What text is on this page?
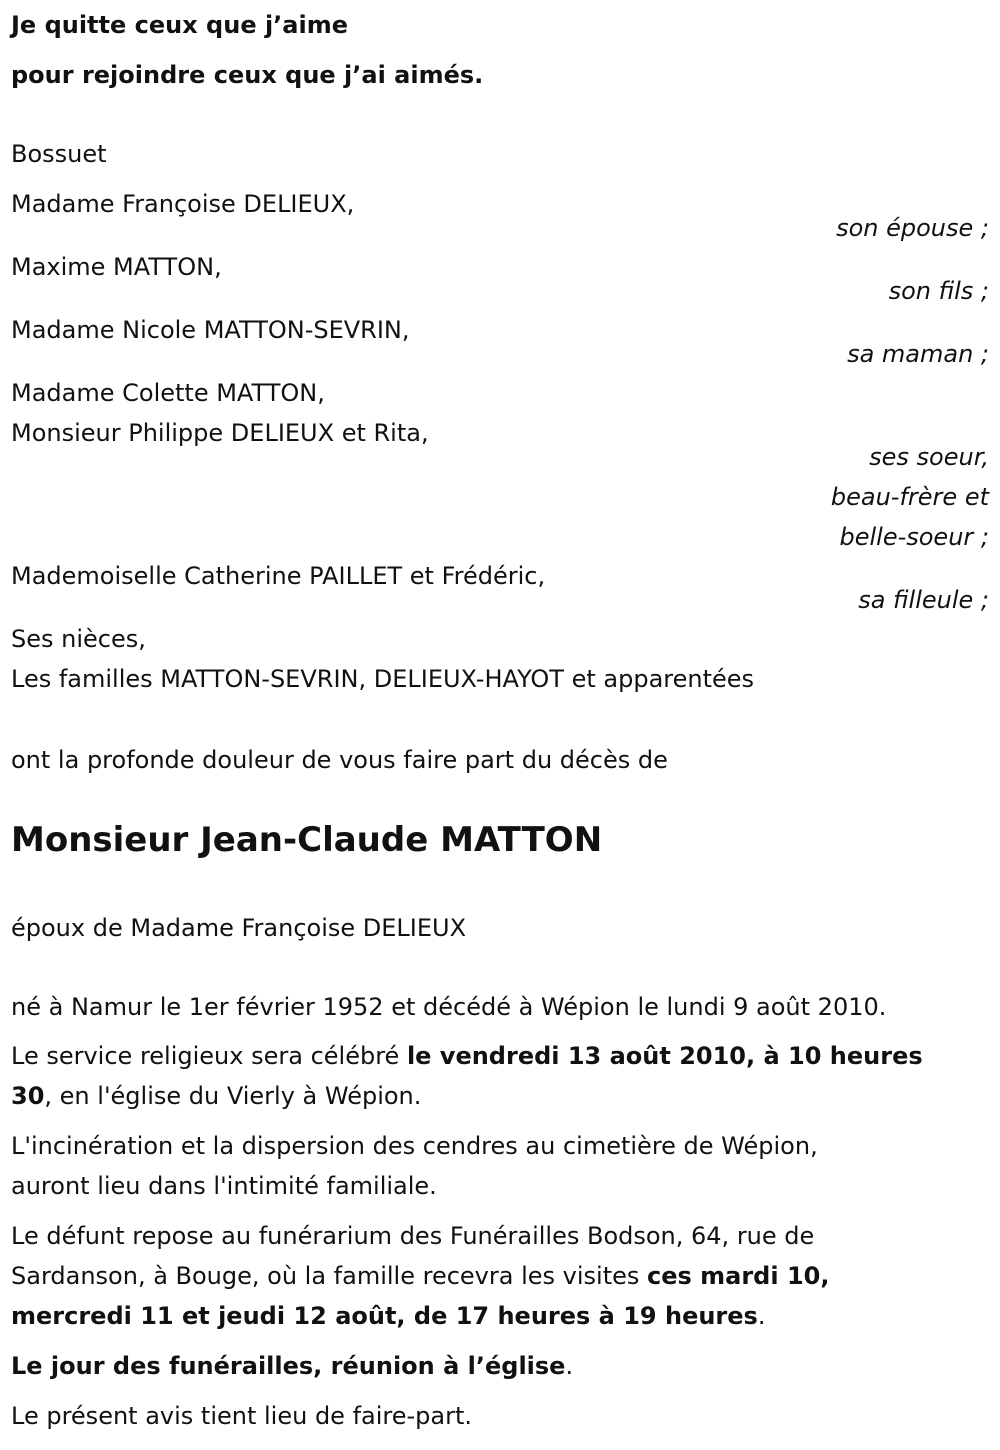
Je quitte ceux que j’aime
pour rejoindre ceux que j’ai aimés.
Bossuet
Madame Françoise DELIEUX,
son épouse ;
Maxime MATTON,
son fils ;
Madame Nicole MATTON-SEVRIN,
sa maman ;
Madame Colette MATTON,
Monsieur Philippe DELIEUX et Rita,
ses soeur,
beau-frère et
belle-soeur ;
Mademoiselle Catherine PAILLET et Frédéric,
sa filleule ;
Ses nièces,
Les familles MATTON-SEVRIN, DELIEUX-HAYOT et apparentées
ont la profonde douleur de vous faire part du décès de
Monsieur Jean-Claude MATTON
époux de Madame Françoise DELIEUX
né à Namur le 1er février 1952 et décédé à Wépion le lundi 9 août 2010.
Le service religieux sera célébré le vendredi 13 août 2010, à 10 heures
30, en l'église du Vierly à Wépion.
L'incinération et la dispersion des cendres au cimetière de Wépion,
auront lieu dans l'intimité familiale.
Le défunt repose au funérarium des Funérailles Bodson, 64, rue de
Sardanson, à Bouge, où la famille recevra les visites ces mardi 10,
mercredi 11 et jeudi 12 août, de 17 heures à 19 heures.
Le jour des funérailles, réunion à l’église.
Le présent avis tient lieu de faire-part.
